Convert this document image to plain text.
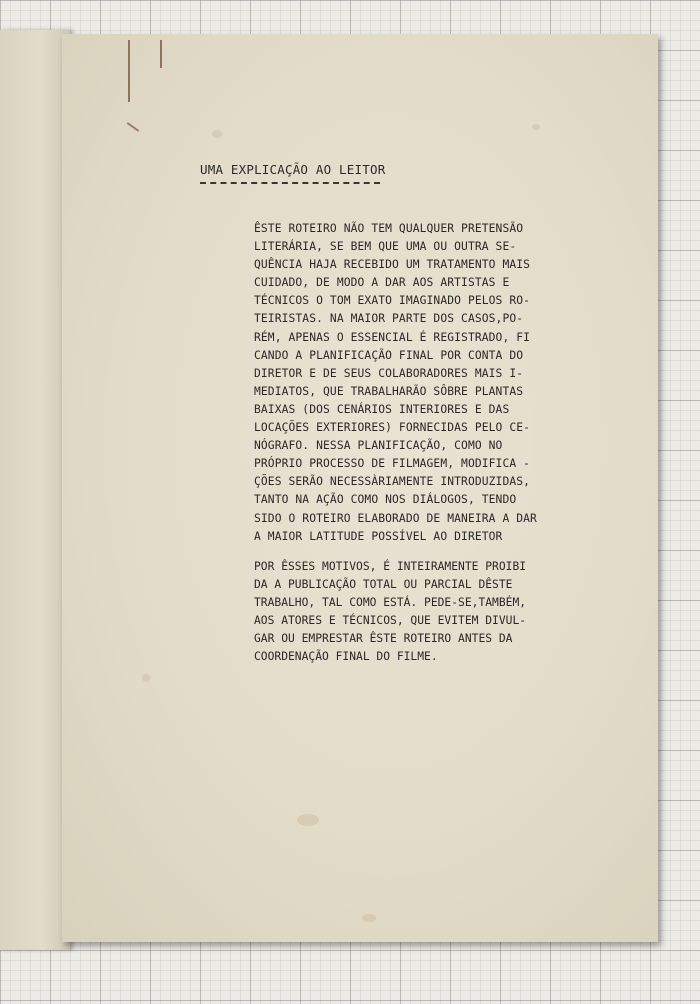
UMA EXPLICAÇÃO AO LEITOR
ÊSTE ROTEIRO NÃO TEM QUALQUER PRETENSÃO
LITERÁRIA, SE BEM QUE UMA OU OUTRA SE-
QUÊNCIA HAJA RECEBIDO UM TRATAMENTO MAIS
CUIDADO, DE MODO A DAR AOS ARTISTAS E
TÉCNICOS O TOM EXATO IMAGINADO PELOS RO-
TEIRISTAS. NA MAIOR PARTE DOS CASOS,PO-
RÉM, APENAS O ESSENCIAL É REGISTRADO, FI
CANDO A PLANIFICAÇÃO FINAL POR CONTA DO
DIRETOR E DE SEUS COLABORADORES MAIS I-
MEDIATOS, QUE TRABALHARÃO SÔBRE PLANTAS
BAIXAS (DOS CENÁRIOS INTERIORES E DAS
LOCAÇÕES EXTERIORES) FORNECIDAS PELO CE-
NÓGRAFO. NESSA PLANIFICAÇÃO, COMO NO
PRÓPRIO PROCESSO DE FILMAGEM, MODIFICA -
ÇÕES SERÃO NECESSÀRIAMENTE INTRODUZIDAS,
TANTO NA AÇÃO COMO NOS DIÁLOGOS, TENDO
SIDO O ROTEIRO ELABORADO DE MANEIRA A DAR
A MAIOR LATITUDE POSSÍVEL AO DIRETOR
POR ÊSSES MOTIVOS, É INTEIRAMENTE PROIBI
DA A PUBLICAÇÃO TOTAL OU PARCIAL DÊSTE
TRABALHO, TAL COMO ESTÁ. PEDE-SE,TAMBÉM,
AOS ATORES E TÉCNICOS, QUE EVITEM DIVUL-
GAR OU EMPRESTAR ÊSTE ROTEIRO ANTES DA
COORDENAÇÃO FINAL DO FILME.
